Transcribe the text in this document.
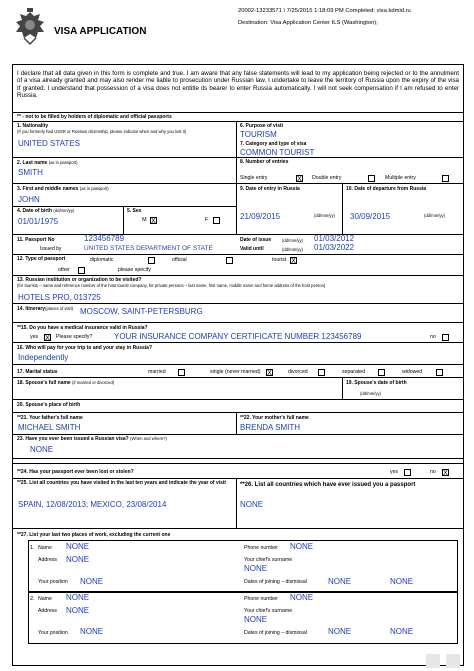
VISA APPLICATION
20002-13233571 \ 7/25/2015 1:18:09 PM Completed: visa.kdmid.ru
Destination: Visa Application Center ILS (Washington);
I declare that all data given in this form is complete and true. I am aware that any false statements will lead to my application being rejected or to the annulment of a visa already granted and may also render me liable to prosecution under Russian law. I undertake to leave the territory of Russia upon the expiry of the visa If granted. I understand that possession of a visa does not entitle its bearer to enter Russia automatically. I will not seek compensation if I am refused to enter Russia.
** - not to be filled by holders of diplomatic and official passports
1. Nationality
(If you formerly had USSR or Russian citizenship, please indicate when and why you lost it)
UNITED STATES
6. Purpose of visit
TOURISM
7. Category and type of visa
COMMON TOURIST
2. Last name (as in passport)
SMITH
8. Number of entries
Single entry	X Double entry	Multiple entry
3. First and middle names (as in passport)
JOHN
9. Date of entry in Russia
21/09/2015	(dd/mm/yy)
10. Date of departure from Russia
30/09/2015	(dd/mm/yy)
4. Date of birth (dd/mm/yy)
01/01/1975
5. Sex
M X	F
11. Passport No	123456789
Issued by	UNITED STATES DEPARTMENT OF STATE
Date of issue	(dd/mm/yy) 01/03/2012
Valid until	(dd/mm/yy) 01/03/2022
12. Type of passport	diplomatic	official	tourist X
other	please specify
13. Russian institution or organization to be visited?
(for tourists – name and reference number of the host tourist company, for private persons – last name, first name, middle name and home address of the host person)
HOTELS PRO, 013725
14. Itinerary(places of visit) MOSCOW, SAINT-PETERSBURG
**15. Do you have a medical insurance valid in Russia?
yes X Please specify?	YOUR INSURANCE COMPANY CERTIFICATE NUMBER 123456789	no
16. Who will pay for your trip to and your stay in Russia?
Independently
17. Marital status	married	single (never married) X	divorced	separated	widowed
18. Spouse's full name (if married or divorced)	19. Spouse's date of birth
(dd/mm/yy)
20. Spouse's place of birth
**21. Your father's full name
MICHAEL SMITH
**22. Your mother's full name
BRENDA SMITH
23. Have you ever been issued a Russian visa? (When and where?)
NONE
**24. Has your passport ever been lost or stolen?	yes	no X
**25. List all countries you have visited in the last ten years and indicate the year of visit
SPAIN, 12/08/2013; MEXICO, 23/08/2014
**26. List all countries which have ever issued you a passport
NONE
**27. List your last two places of work, excluding the current one
1. Name NONE
Address NONE
Your position NONE
Phone number NONE
Your chief's surname
NONE
Dates of joining – dismissal	NONE	NONE
2. Name NONE
Address NONE
Your position NONE
Phone number NONE
Your chief's surname
NONE
Dates of joining – dismissal	NONE	NONE
